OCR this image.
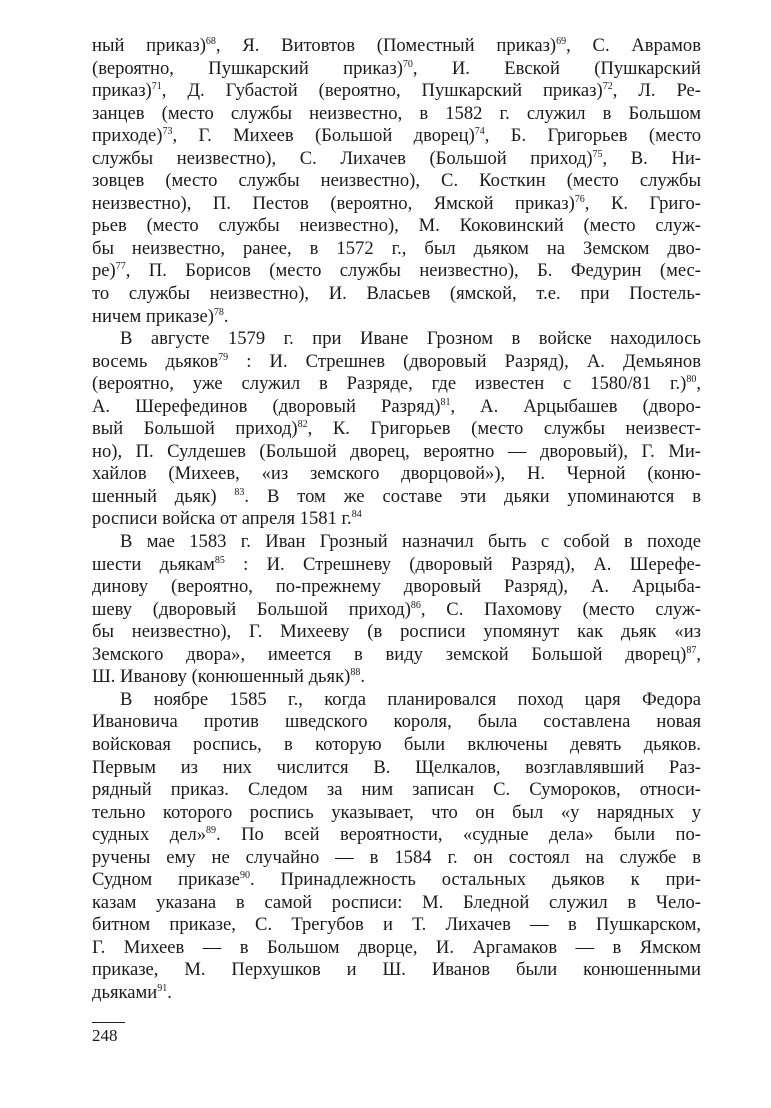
ный приказ)$^{68}$, Я. Витовтов (Поместный приказ)$^{69}$, С. Аврамов
(вероятно, Пушкарский приказ)$^{70}$, И. Евской (Пушкарский
приказ)$^{71}$, Д. Губастой (вероятно, Пушкарский приказ)$^{72}$, Л. Ре-
занцев (место службы неизвестно, в 1582 г. служил в Большом
приходе)$^{73}$, Г. Михеев (Большой дворец)$^{74}$, Б. Григорьев (место
службы неизвестно), С. Лихачев (Большой приход)$^{75}$, В. Ни-
зовцев (место службы неизвестно), С. Косткин (место службы
неизвестно), П. Пестов (вероятно, Ямской приказ)$^{76}$, К. Григо-
рьев (место службы неизвестно), М. Коковинский (место служ-
бы неизвестно, ранее, в 1572 г., был дьяком на Земском дво-
ре)$^{77}$, П. Борисов (место службы неизвестно), Б. Федурин (мес-
то службы неизвестно), И. Власьев (ямской, т.е. при Постель-
ничем приказе)$^{78}$.
В августе 1579 г. при Иване Грозном в войске находилось
восемь дьяков$^{79}$ : И. Стрешнев (дворовый Разряд), А. Демьянов
(вероятно, уже служил в Разряде, где известен с 1580/81 г.)$^{80}$,
А. Шерефединов (дворовый Разряд)$^{81}$, А. Арцыбашев (дворо-
вый Большой приход)$^{82}$, К. Григорьев (место службы неизвест-
но), П. Сулдешев (Большой дворец, вероятно — дворовый), Г. Ми-
хайлов (Михеев, «из земского дворцовой»), Н. Черной (коню-
шенный дьяк) $^{83}$. В том же составе эти дьяки упоминаются в
росписи войска от апреля 1581 г.$^{84}$
В мае 1583 г. Иван Грозный назначил быть с собой в походе
шести дьякам$^{85}$ : И. Стрешневу (дворовый Разряд), А. Шерефе-
динову (вероятно, по-прежнему дворовый Разряд), А. Арцыба-
шеву (дворовый Большой приход)$^{86}$, С. Пахомову (место служ-
бы неизвестно), Г. Михееву (в росписи упомянут как дьяк «из
Земского двора», имеется в виду земской Большой дворец)$^{87}$,
Ш. Иванову (конюшенный дьяк)$^{88}$.
В ноябре 1585 г., когда планировался поход царя Федора
Ивановича против шведского короля, была составлена новая
войсковая роспись, в которую были включены девять дьяков.
Первым из них числится В. Щелкалов, возглавлявший Раз-
рядный приказ. Следом за ним записан С. Сумороков, относи-
тельно которого роспись указывает, что он был «у нарядных у
судных дел»$^{89}$. По всей вероятности, «судные дела» были по-
ручены ему не случайно — в 1584 г. он состоял на службе в
Судном приказе$^{90}$. Принадлежность остальных дьяков к при-
казам указана в самой росписи: М. Бледной служил в Чело-
битном приказе, С. Трегубов и Т. Лихачев — в Пушкарском,
Г. Михеев — в Большом дворце, И. Аргамаков — в Ямском
приказе, М. Перхушков и Ш. Иванов были конюшенными
дьяками$^{91}$.
248
